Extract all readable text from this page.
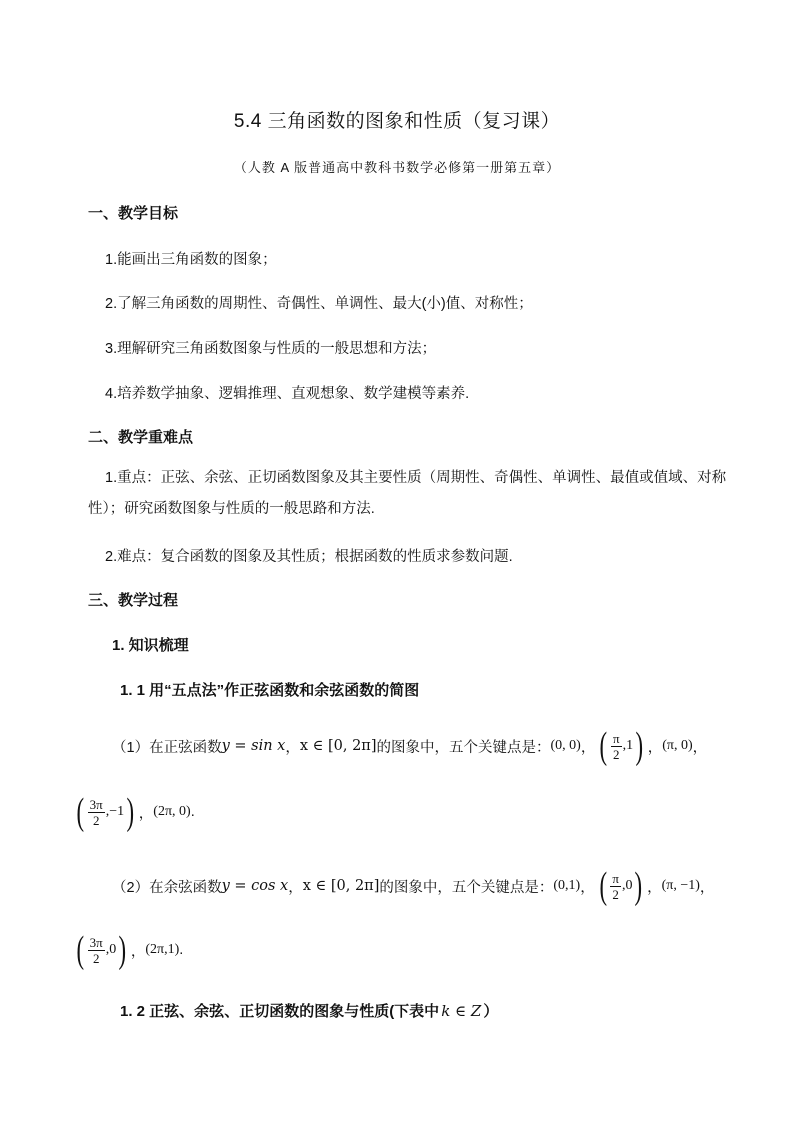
5.4 三角函数的图象和性质（复习课）
（人教 A 版普通高中教科书数学必修第一册第五章）
一、教学目标
1.能画出三角函数的图象；
2.了解三角函数的周期性、奇偶性、单调性、最大(小)值、对称性；
3.理解研究三角函数图象与性质的一般思想和方法；
4.培养数学抽象、逻辑推理、直观想象、数学建模等素养.
二、教学重难点
1.重点：正弦、余弦、正切函数图象及其主要性质（周期性、奇偶性、单调性、最值或值域、对称性）；研究函数图象与性质的一般思路和方法.
2.难点：复合函数的图象及其性质；根据函数的性质求参数问题.
三、教学过程
1. 知识梳理
1. 1 用“五点法”作正弦函数和余弦函数的简图
（1）在正弦函数 y = sin x ， x ∈ [0, 2π] 的图象中，五个关键点是： (0, 0) ， ( $\frac{\pi}{2} ,1$ ) ， (π, 0) ，
( $\frac{3\pi}{2} ,-1$ ) ， (2π, 0) .
（2）在余弦函数 y = cos x ， x ∈ [0, 2π] 的图象中，五个关键点是： (0,1) ， ( $\frac{\pi}{2} ,0$ ) ， (π, −1) ，
( $\frac{3\pi}{2} ,0$ ) ， (2π,1) .
1. 2 正弦、余弦、正切函数的图象与性质(下表中 k ∈ Z ）
